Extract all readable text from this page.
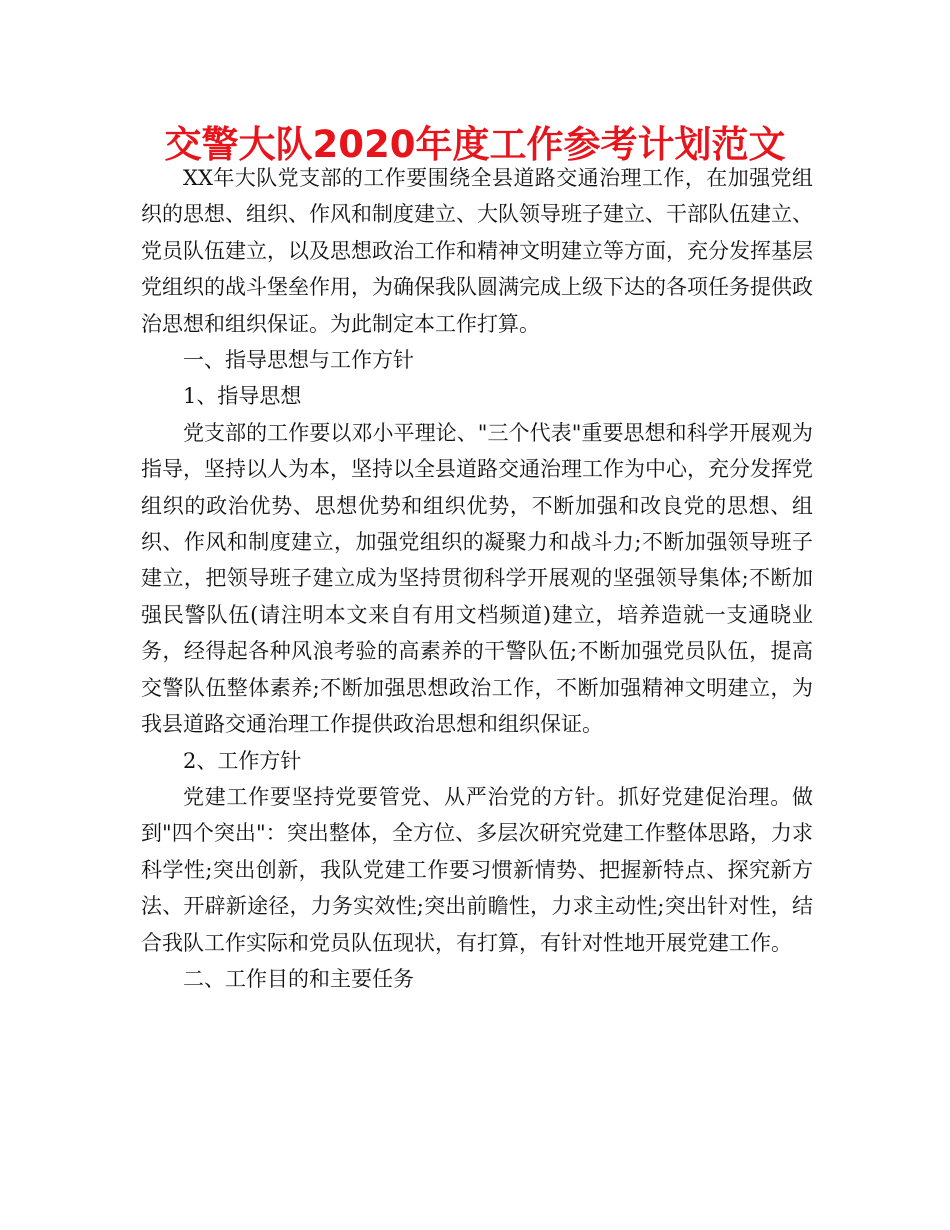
交警大队2020年度工作参考计划范文

XX年大队党支部的工作要围绕全县道路交通治理工作，在加强党组织的思想、组织、作风和制度建立、大队领导班子建立、干部队伍建立、党员队伍建立，以及思想政治工作和精神文明建立等方面，充分发挥基层党组织的战斗堡垒作用，为确保我队圆满完成上级下达的各项任务提供政治思想和组织保证。为此制定本工作打算。

一、指导思想与工作方针

1、指导思想

党支部的工作要以邓小平理论、"三个代表"重要思想和科学开展观为指导，坚持以人为本，坚持以全县道路交通治理工作为中心，充分发挥党组织的政治优势、思想优势和组织优势，不断加强和改良党的思想、组织、作风和制度建立，加强党组织的凝聚力和战斗力;不断加强领导班子建立，把领导班子建立成为坚持贯彻科学开展观的坚强领导集体;不断加强民警队伍(请注明本文来自有用文档频道)建立，培养造就一支通晓业务，经得起各种风浪考验的高素养的干警队伍;不断加强党员队伍，提高交警队伍整体素养;不断加强思想政治工作，不断加强精神文明建立，为我县道路交通治理工作提供政治思想和组织保证。

2、工作方针

党建工作要坚持党要管党、从严治党的方针。抓好党建促治理。做到"四个突出"：突出整体，全方位、多层次研究党建工作整体思路，力求科学性;突出创新，我队党建工作要习惯新情势、把握新特点、探究新方法、开辟新途径，力务实效性;突出前瞻性，力求主动性;突出针对性，结合我队工作实际和党员队伍现状，有打算，有针对性地开展党建工作。

二、工作目的和主要任务
